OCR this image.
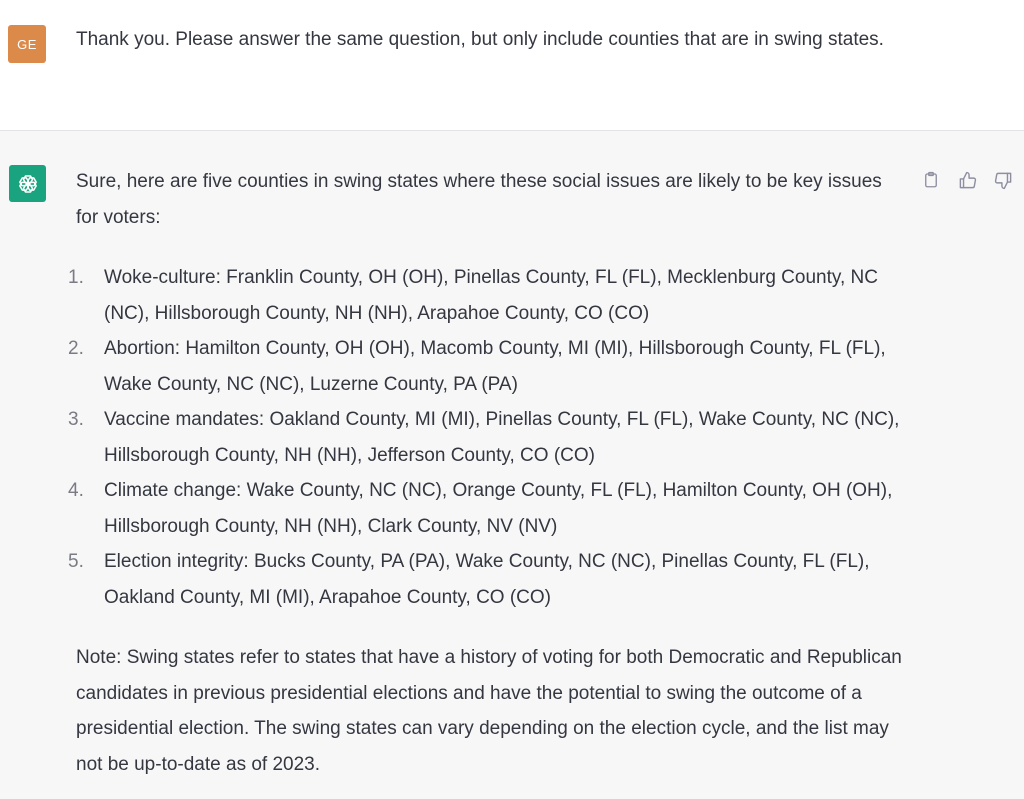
GE	Thank you. Please answer the same question, but only include counties that are in swing states.

Sure, here are five counties in swing states where these social issues are likely to be key issues for voters:

1.	Woke-culture: Franklin County, OH (OH), Pinellas County, FL (FL), Mecklenburg County, NC (NC), Hillsborough County, NH (NH), Arapahoe County, CO (CO)
2.	Abortion: Hamilton County, OH (OH), Macomb County, MI (MI), Hillsborough County, FL (FL), Wake County, NC (NC), Luzerne County, PA (PA)
3.	Vaccine mandates: Oakland County, MI (MI), Pinellas County, FL (FL), Wake County, NC (NC), Hillsborough County, NH (NH), Jefferson County, CO (CO)
4.	Climate change: Wake County, NC (NC), Orange County, FL (FL), Hamilton County, OH (OH), Hillsborough County, NH (NH), Clark County, NV (NV)
5.	Election integrity: Bucks County, PA (PA), Wake County, NC (NC), Pinellas County, FL (FL), Oakland County, MI (MI), Arapahoe County, CO (CO)

Note: Swing states refer to states that have a history of voting for both Democratic and Republican candidates in previous presidential elections and have the potential to swing the outcome of a presidential election. The swing states can vary depending on the election cycle, and the list may not be up-to-date as of 2023.
